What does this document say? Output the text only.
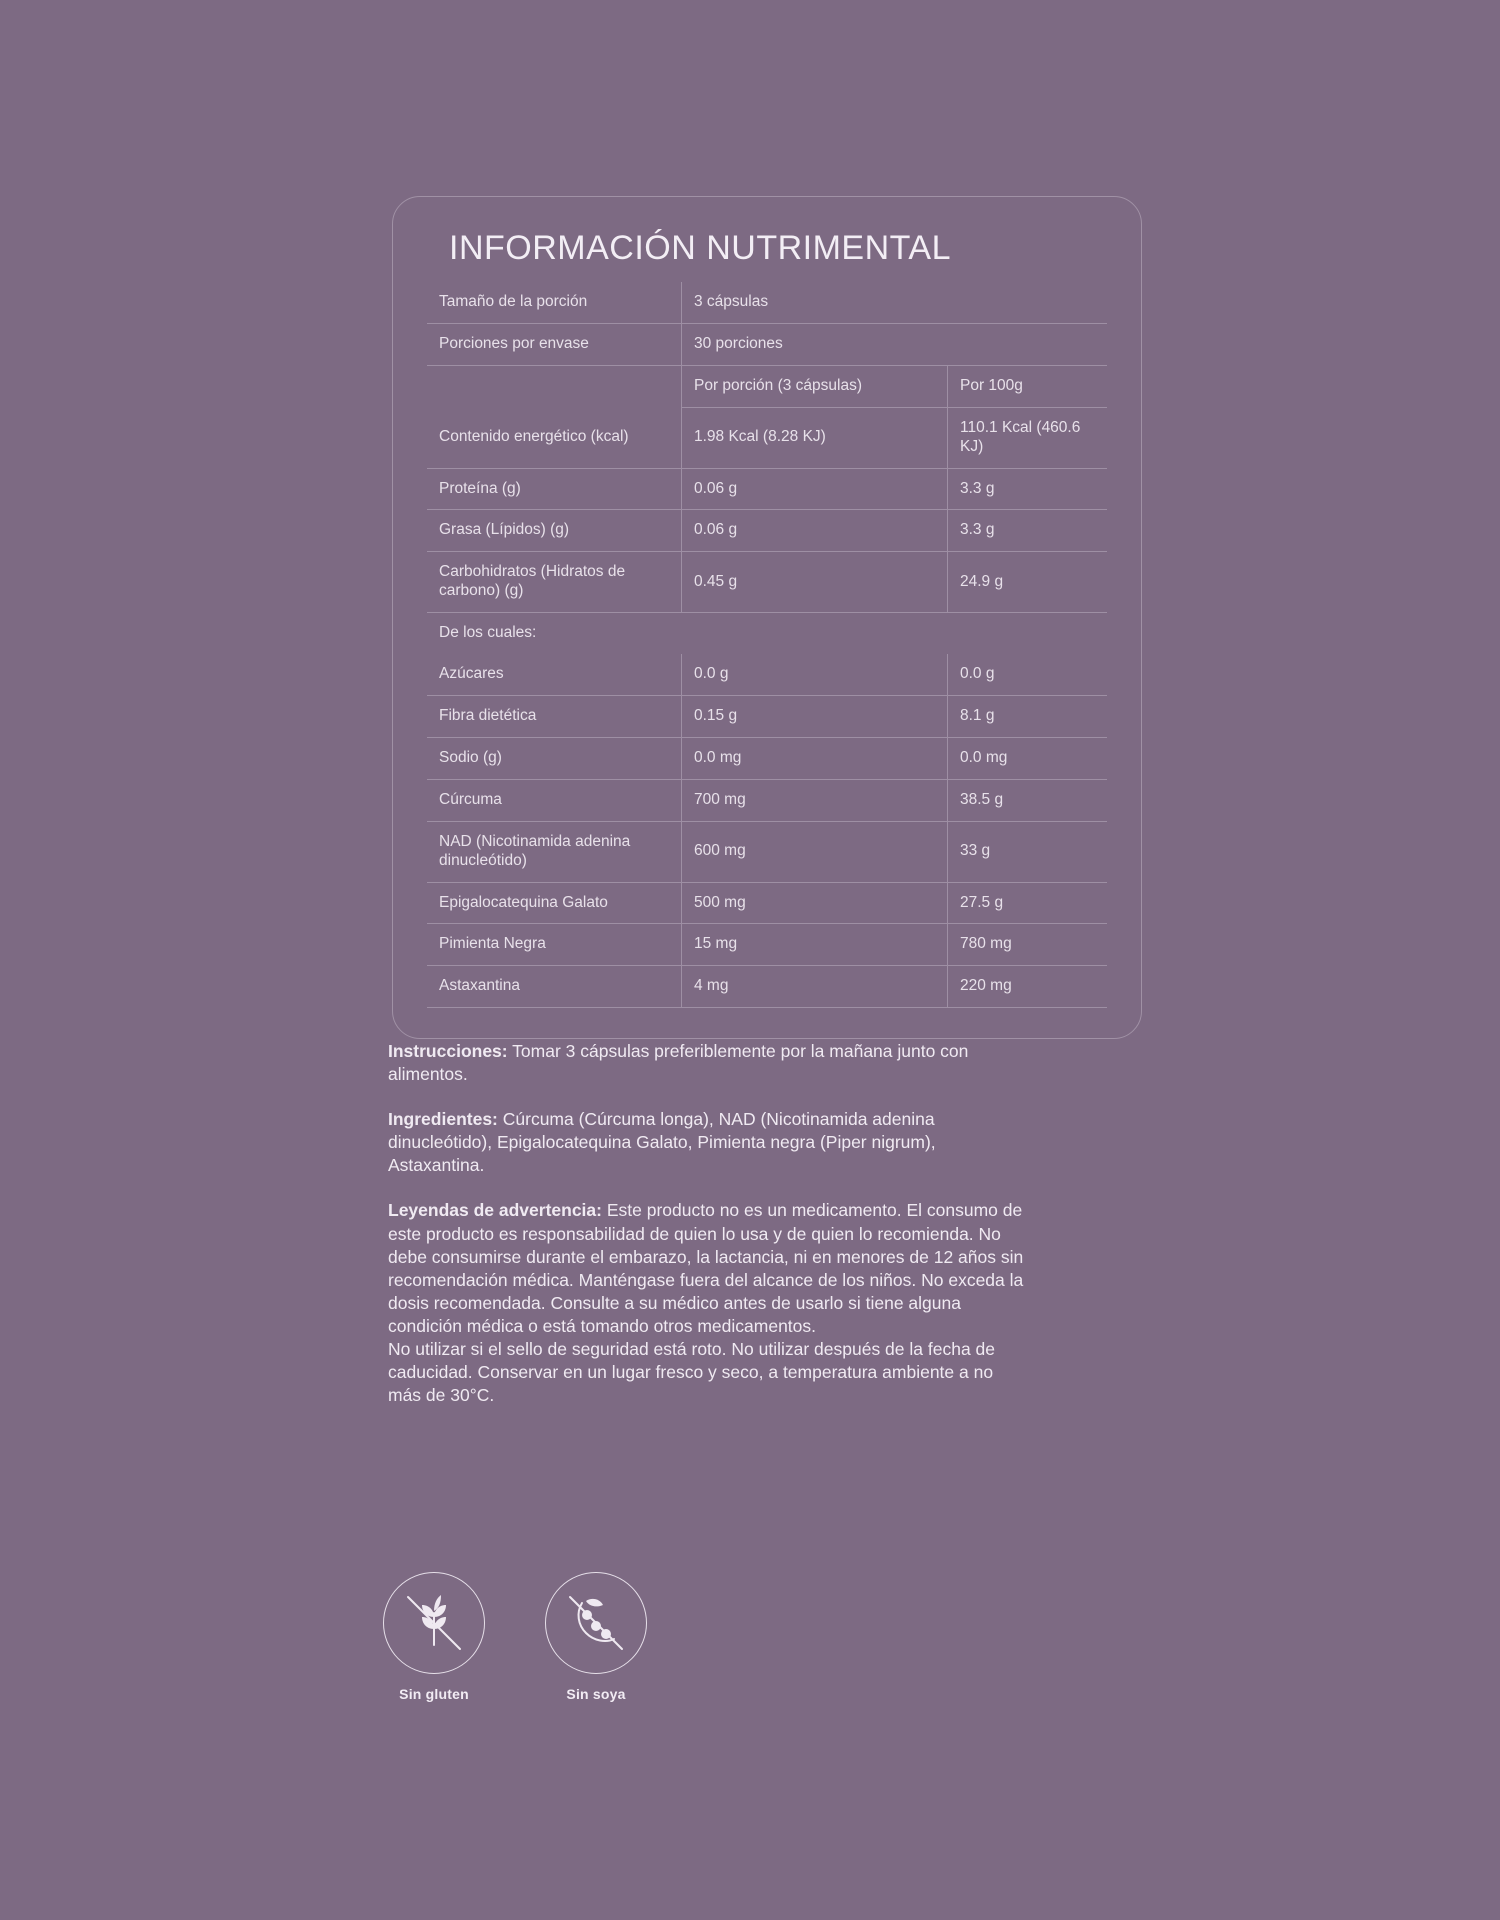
INFORMACIÓN NUTRIMENTAL
Tamaño de la porción	3 cápsulas	
Porciones por envase	30 porciones	
	Por porción (3 cápsulas)	Por 100g
Contenido energético (kcal)	1.98 Kcal (8.28 KJ)	110.1 Kcal (460.6 KJ)
Proteína (g)	0.06 g	3.3 g
Grasa (Lípidos) (g)	0.06 g	3.3 g
Carbohidratos (Hidratos de carbono) (g)	0.45 g	24.9 g
De los cuales:		
Azúcares	0.0 g	0.0 g
Fibra dietética	0.15 g	8.1 g
Sodio (g)	0.0 mg	0.0 mg
Cúrcuma	700 mg	38.5 g
NAD (Nicotinamida adenina dinucleótido)	600 mg	33 g
Epigalocatequina Galato	500 mg	27.5 g
Pimienta Negra	15 mg	780 mg
Astaxantina	4 mg	220 mg

Instrucciones: Tomar 3 cápsulas preferiblemente por la mañana junto con alimentos.

Ingredientes: Cúrcuma (Cúrcuma longa), NAD (Nicotinamida adenina dinucleótido), Epigalocatequina Galato, Pimienta negra (Piper nigrum), Astaxantina.

Leyendas de advertencia: Este producto no es un medicamento. El consumo de este producto es responsabilidad de quien lo usa y de quien lo recomienda. No debe consumirse durante el embarazo, la lactancia, ni en menores de 12 años sin recomendación médica. Manténgase fuera del alcance de los niños. No exceda la dosis recomendada. Consulte a su médico antes de usarlo si tiene alguna condición médica o está tomando otros medicamentos.

No utilizar si el sello de seguridad está roto. No utilizar después de la fecha de caducidad. Conservar en un lugar fresco y seco, a temperatura ambiente a no más de 30°C.

Sin gluten	Sin soya
